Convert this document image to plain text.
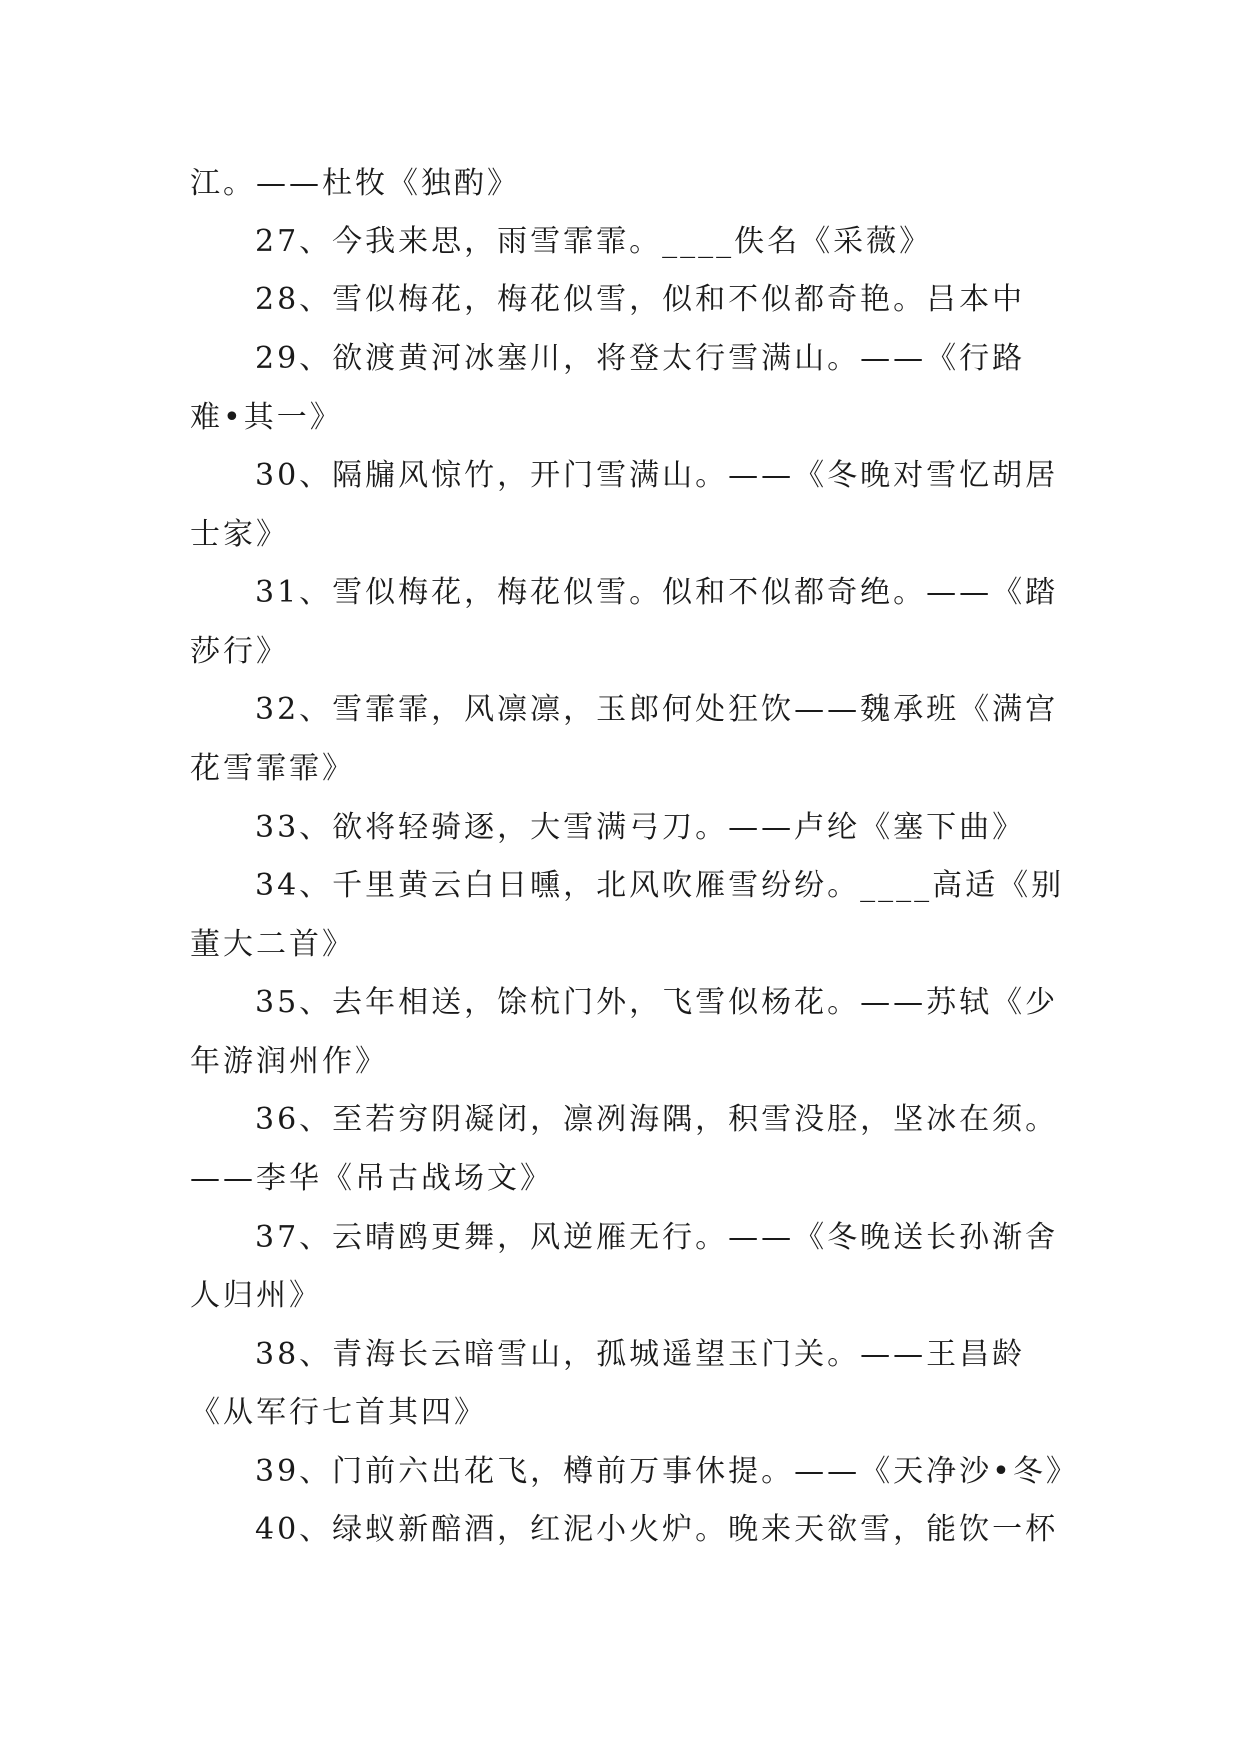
江。——杜牧《独酌》
27、今我来思，雨雪霏霏。____佚名《采薇》
28、雪似梅花，梅花似雪，似和不似都奇艳。吕本中
29、欲渡黄河冰塞川，将登太行雪满山。——《行路
难•其一》
30、隔牖风惊竹，开门雪满山。——《冬晚对雪忆胡居
士家》
31、雪似梅花，梅花似雪。似和不似都奇绝。——《踏
莎行》
32、雪霏霏，风凛凛，玉郎何处狂饮——魏承班《满宫
花雪霏霏》
33、欲将轻骑逐，大雪满弓刀。——卢纶《塞下曲》
34、千里黄云白日曛，北风吹雁雪纷纷。____高适《别
董大二首》
35、去年相送，馀杭门外，飞雪似杨花。——苏轼《少
年游润州作》
36、至若穷阴凝闭，凛冽海隅，积雪没胫，坚冰在须。
——李华《吊古战场文》
37、云晴鸥更舞，风逆雁无行。——《冬晚送长孙渐舍
人归州》
38、青海长云暗雪山，孤城遥望玉门关。——王昌龄
《从军行七首其四》
39、门前六出花飞，樽前万事休提。——《天净沙•冬》
40、绿蚁新醅酒，红泥小火炉。晚来天欲雪，能饮一杯
